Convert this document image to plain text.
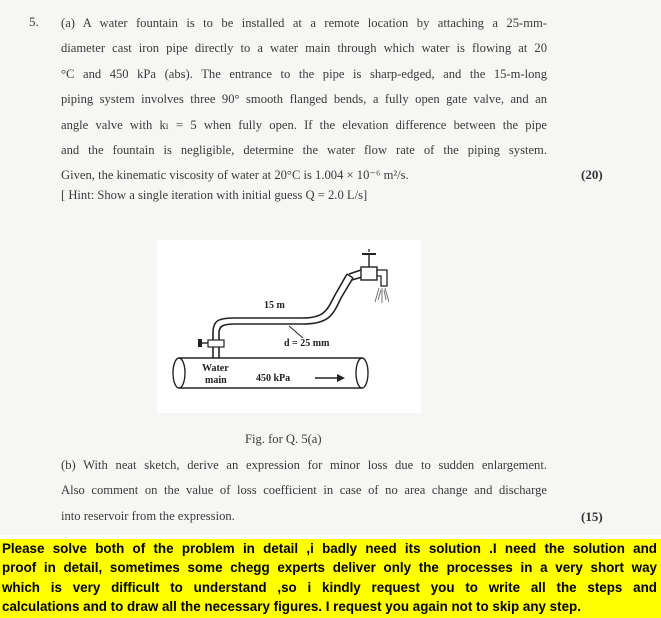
5. (a) A water fountain is to be installed at a remote location by attaching a 25-mm-
diameter cast iron pipe directly to a water main through which water is flowing at 20
°C and 450 kPa (abs). The entrance to the pipe is sharp-edged, and the 15-m-long
piping system involves three 90° smooth flanged bends, a fully open gate valve, and an
angle valve with kₗ = 5 when fully open. If the elevation difference between the pipe
and the fountain is negligible, determine the water flow rate of the piping system.
Given, the kinematic viscosity of water at 20°C is 1.004 × 10⁻⁶ m²/s.	(20)
[ Hint: Show a single iteration with initial guess Q = 2.0 L/s]
15 m
d = 25 mm
Water
main	450 kPa
Fig. for Q. 5(a)
(b) With neat sketch, derive an expression for minor loss due to sudden enlargement.
Also comment on the value of loss coefficient in case of no area change and discharge
into reservoir from the expression.	(15)
Please solve both of the problem in detail ,i badly need its solution .I need the solution and
proof in detail, sometimes some chegg experts deliver only the processes in a very short way
which is very difficult to understand ,so i kindly request you to write all the steps and
calculations and to draw all the necessary figures. I request you again not to skip any step.
